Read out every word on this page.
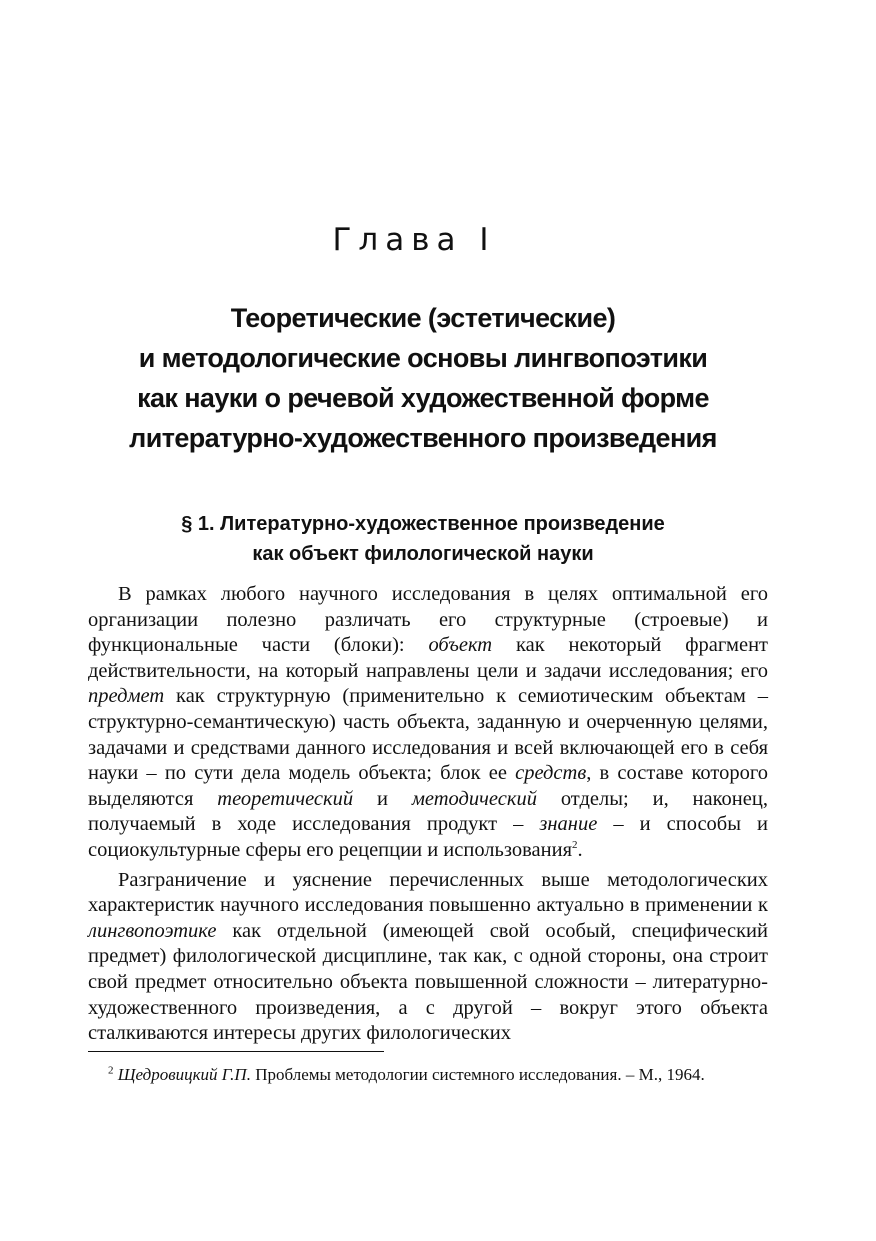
Глава I
Теоретические (эстетические)
и методологические основы лингвопоэтики
как науки о речевой художественной форме
литературно-художественного произведения
§ 1. Литературно-художественное произведение
как объект филологической науки

В рамках любого научного исследования в целях оптимальной его организации полезно различать его структурные (строевые) и функциональные части (блоки): объект как некоторый фрагмент действительности, на который направлены цели и задачи исследования; его предмет как структурную (применительно к семиотическим объектам – структурно-семантическую) часть объекта, заданную и очерченную целями, задачами и средствами данного исследования и всей включающей его в себя науки – по сути дела модель объекта; блок ее средств, в составе которого выделяются теоретический и методический отделы; и, наконец, получаемый в ходе исследования продукт – знание – и способы и социокультурные сферы его рецепции и использования$^2$.

Разграничение и уяснение перечисленных выше методологических характеристик научного исследования повышенно актуально в применении к лингвопоэтике как отдельной (имеющей свой особый, специфический предмет) филологической дисциплине, так как, с одной стороны, она строит свой предмет относительно объекта повышенной сложности – литературно-художественного произведения, а с другой – вокруг этого объекта сталкиваются интересы других филологических

$^2$ Щедровицкий Г.П. Проблемы методологии системного исследования. – М., 1964.
